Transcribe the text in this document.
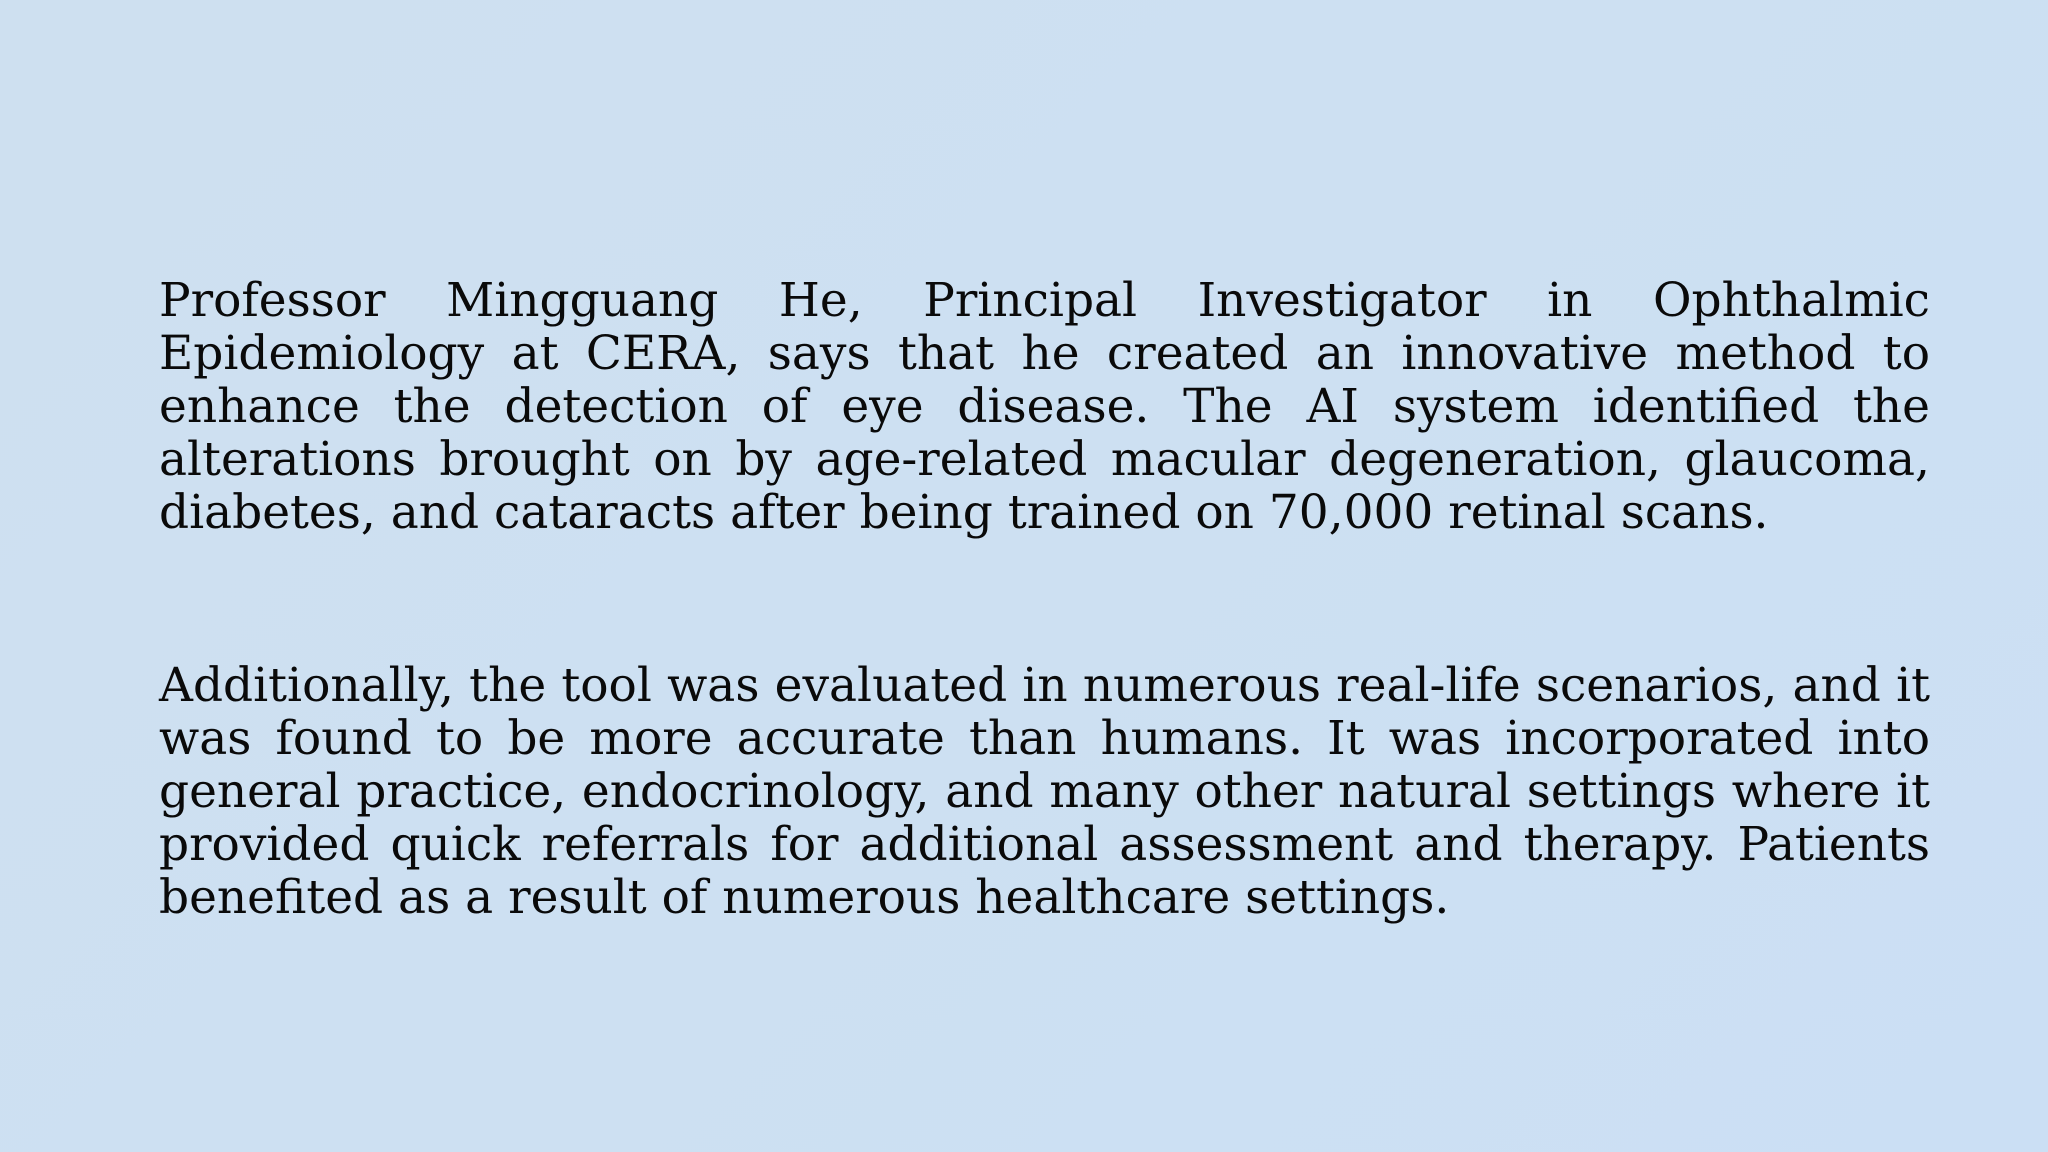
Professor Mingguang He, Principal Investigator in Ophthalmic Epidemiology at CERA, says that he created an innovative method to enhance the detection of eye disease. The AI system identified the alterations brought on by age-related macular degeneration, glaucoma, diabetes, and cataracts after being trained on 70,000 retinal scans.

Additionally, the tool was evaluated in numerous real-life scenarios, and it was found to be more accurate than humans. It was incorporated into general practice, endocrinology, and many other natural settings where it provided quick referrals for additional assessment and therapy. Patients benefited as a result of numerous healthcare settings.
